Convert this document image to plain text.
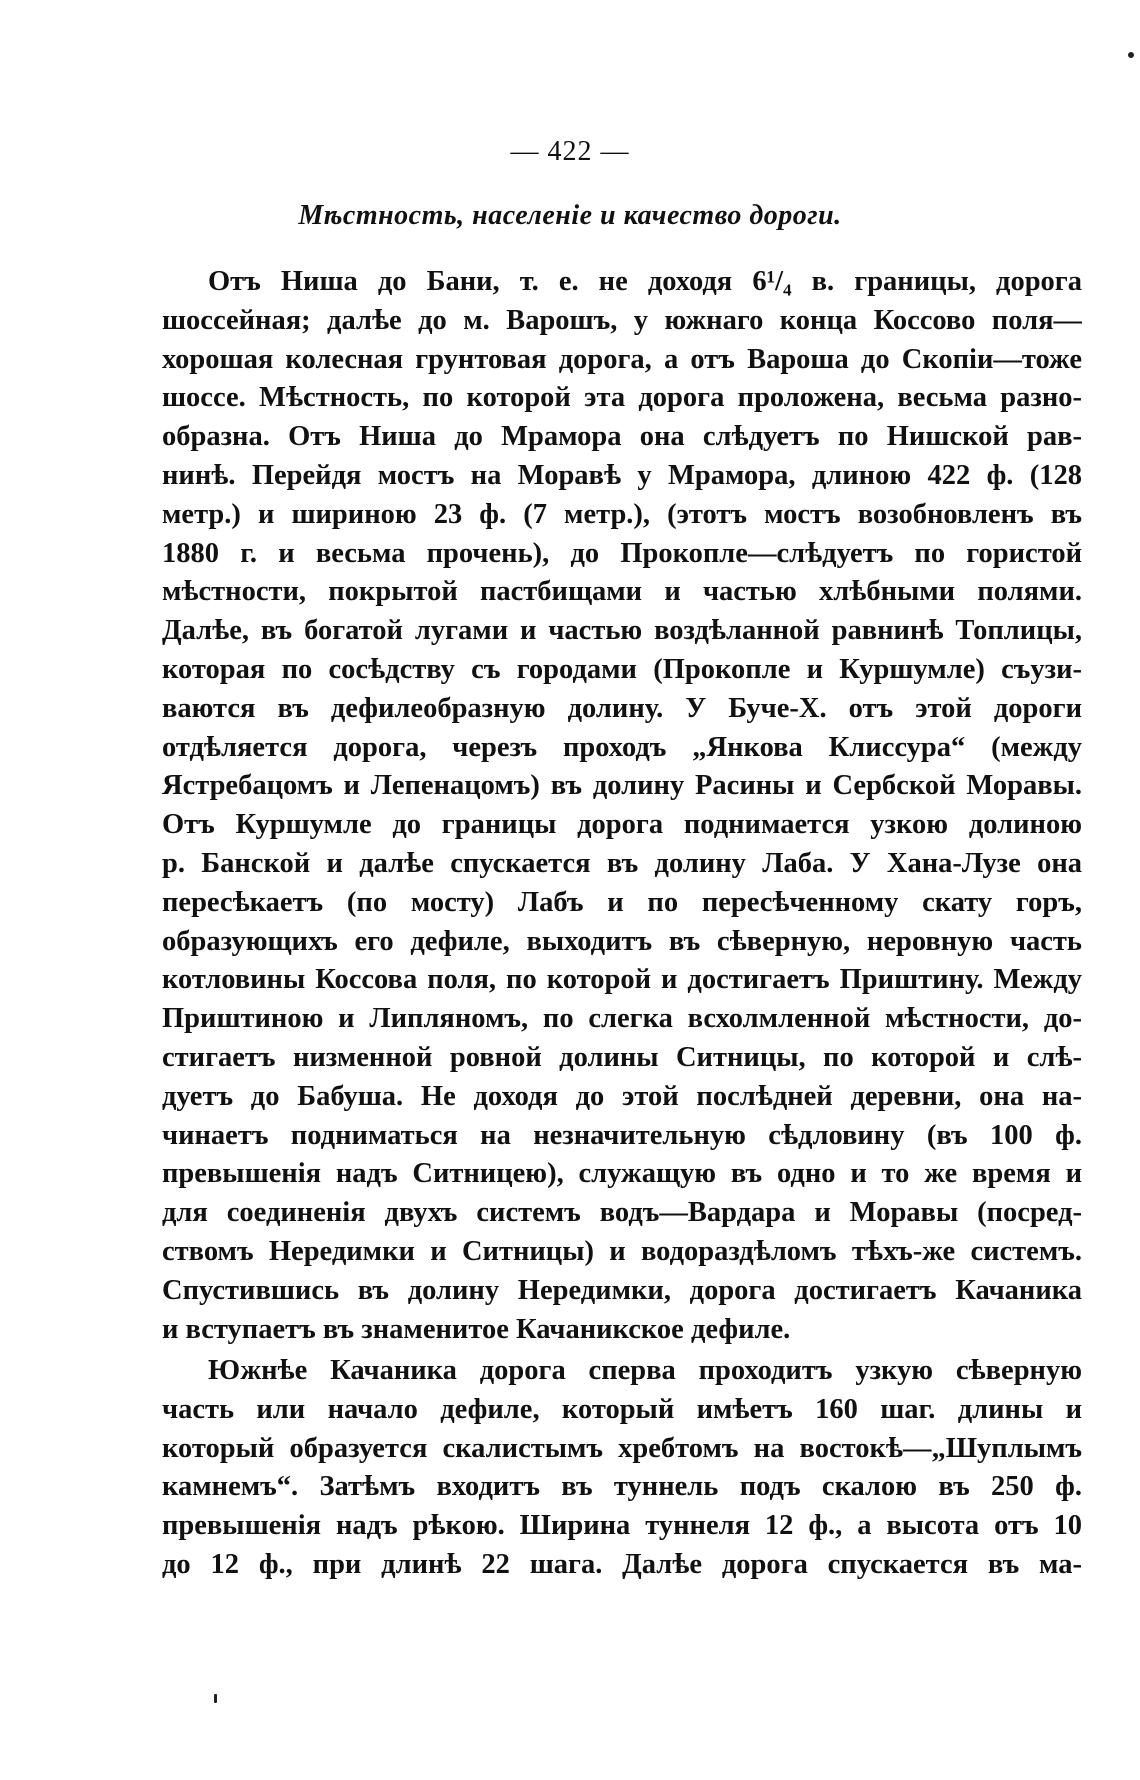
— 422 —
Мѣстность, населеніе и качество дороги.
Отъ Ниша до Бани, т. е. не доходя 6¹/₄ в. границы, дорога
шоссейная; далѣе до м. Варошъ, у южнаго конца Коссово поля—
хорошая колесная грунтовая дорога, а отъ Вароша до Скопіи—тоже
шоссе. Мѣстность, по которой эта дорога проложена, весьма разно-
образна. Отъ Ниша до Мрамора она слѣдуетъ по Нишской рав-
нинѣ. Перейдя мостъ на Моравѣ у Мрамора, длиною 422 ф. (128
метр.) и шириною 23 ф. (7 метр.), (этотъ мостъ возобновленъ въ
1880 г. и весьма прочень), до Прокопле—слѣдуетъ по гористой
мѣстности, покрытой пастбищами и частью хлѣбными полями.
Далѣе, въ богатой лугами и частью воздѣланной равнинѣ Топлицы,
которая по сосѣдству съ городами (Прокопле и Куршумле) съузи-
ваются въ дефилеобразную долину. У Буче-Х. отъ этой дороги
отдѣляется дорога, черезъ проходъ „Янкова Клиссура“ (между
Ястребацомъ и Лепенацомъ) въ долину Расины и Сербской Моравы.
Отъ Куршумле до границы дорога поднимается узкою долиною
р. Банской и далѣе спускается въ долину Лаба. У Хана-Лузе она
пересѣкаетъ (по мосту) Лабъ и по пересѣченному скату горъ,
образующихъ его дефиле, выходитъ въ сѣверную, неровную часть
котловины Коссова поля, по которой и достигаетъ Приштину. Между
Приштиною и Липляномъ, по слегка всхолмленной мѣстности, до-
стигаетъ низменной ровной долины Ситницы, по которой и слѣ-
дуетъ до Бабуша. Не доходя до этой послѣдней деревни, она на-
чинаетъ подниматься на незначительную сѣдловину (въ 100 ф.
превышенія надъ Ситницею), служащую въ одно и то же время и
для соединенія двухъ системъ водъ—Вардара и Моравы (посред-
ствомъ Нередимки и Ситницы) и водораздѣломъ тѣхъ-же системъ.
Спустившись въ долину Нередимки, дорога достигаетъ Качаника
и вступаетъ въ знаменитое Качаникское дефиле.
Южнѣе Качаника дорога сперва проходитъ узкую сѣверную
часть или начало дефиле, который имѣетъ 160 шаг. длины и
который образуется скалистымъ хребтомъ на востокѣ—„Шуплымъ
камнемъ“. Затѣмъ входитъ въ туннель подъ скалою въ 250 ф.
превышенія надъ рѣкою. Ширина туннеля 12 ф., а высота отъ 10
до 12 ф., при длинѣ 22 шага. Далѣе дорога спускается въ ма-
